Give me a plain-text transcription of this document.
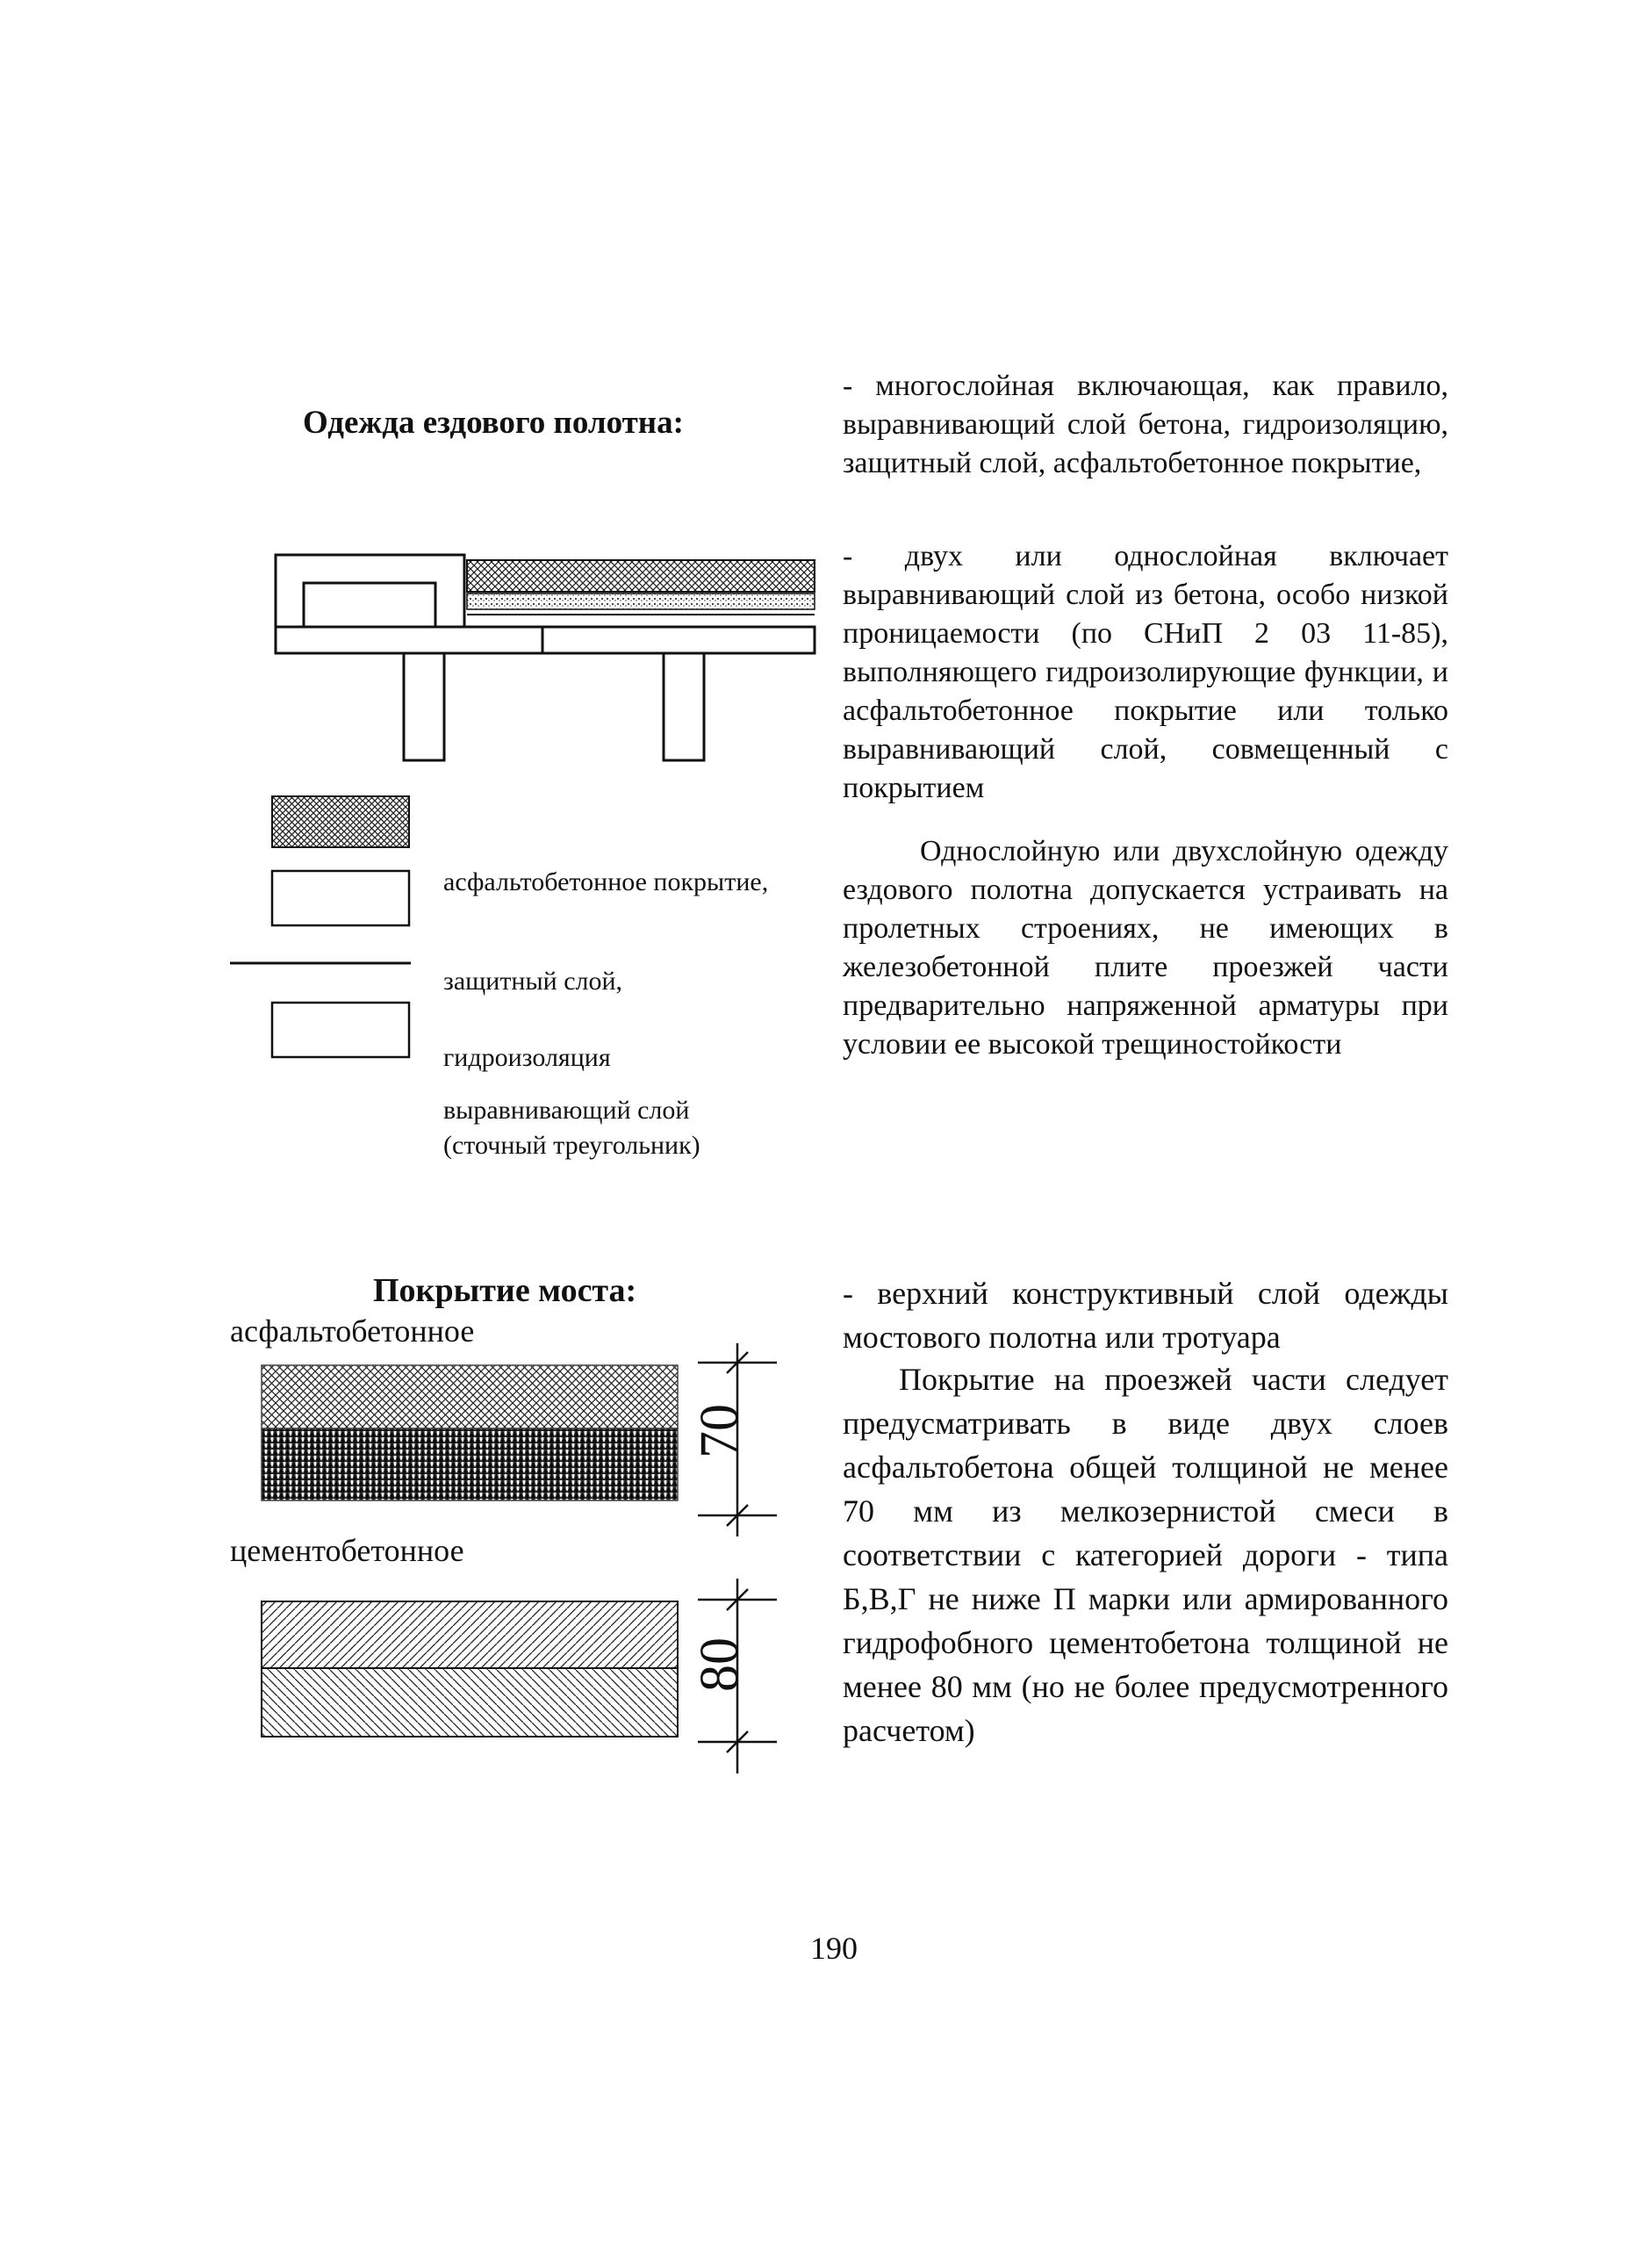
Одежда ездового полотна:
- многослойная включающая, как правило, выравнивающий слой бетона, гидроизоляцию, защитный слой, асфальтобетонное покрытие,
- двух или однослойная включает выравнивающий слой из бетона, особо низкой проницаемости (по СНиП 2 03 11-85), выполняющего гидроизолирующие функции, и асфальтобетонное покрытие или только выравнивающий слой, совмещенный с покрытием
Однослойную или двухслойную одежду ездового полотна допускается устраивать на пролетных строениях, не имеющих в железобетонной плите проезжей части предварительно напряженной арматуры при условии ее высокой трещиностойкости
асфальтобетонное покрытие,
защитный слой,
гидроизоляция
выравнивающий слой
(сточный треугольник)
Покрытие моста:
асфальтобетонное
цементобетонное
70
80
- верхний конструктивный слой одежды мостового полотна или тротуара
Покрытие на проезжей части следует предусматривать в виде двух слоев асфальтобетона общей толщиной не менее 70 мм из мелкозернистой смеси в соответствии с категорией дороги - типа Б,В,Г не ниже П марки или армированного гидрофобного цементобетона толщиной не менее 80 мм (но не более предусмотренного расчетом)
190
